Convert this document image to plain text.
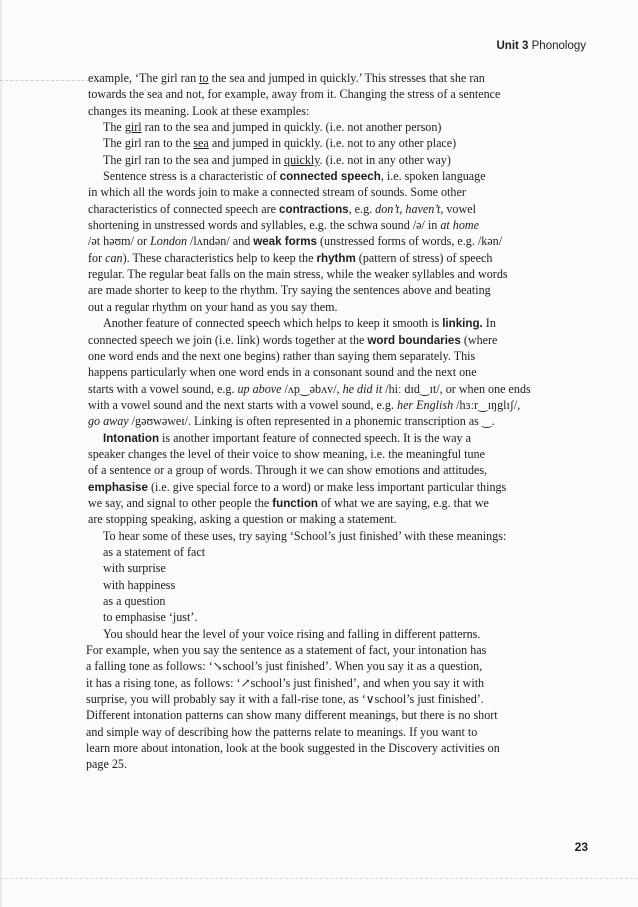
Unit 3 Phonology
example, ‘The girl ran to the sea and jumped in quickly.’ This stresses that she ran
towards the sea and not, for example, away from it. Changing the stress of a sentence
changes its meaning. Look at these examples:
The girl ran to the sea and jumped in quickly. (i.e. not another person)
The girl ran to the sea and jumped in quickly. (i.e. not to any other place)
The girl ran to the sea and jumped in quickly. (i.e. not in any other way)
Sentence stress is a characteristic of connected speech, i.e. spoken language
in which all the words join to make a connected stream of sounds. Some other
characteristics of connected speech are contractions, e.g. don’t, haven’t, vowel
shortening in unstressed words and syllables, e.g. the schwa sound /ə/ in at home
/ət həʊm/ or London /lʌndən/ and weak forms (unstressed forms of words, e.g. /kən/
for can). These characteristics help to keep the rhythm (pattern of stress) of speech
regular. The regular beat falls on the main stress, while the weaker syllables and words
are made shorter to keep to the rhythm. Try saying the sentences above and beating
out a regular rhythm on your hand as you say them.
Another feature of connected speech which helps to keep it smooth is linking. In
connected speech we join (i.e. link) words together at the word boundaries (where
one word ends and the next one begins) rather than saying them separately. This
happens particularly when one word ends in a consonant sound and the next one
starts with a vowel sound, e.g. up above /ʌp‿əbʌv/, he did it /hiː dɪd‿ɪt/, or when one ends
with a vowel sound and the next starts with a vowel sound, e.g. her English /hɜːr‿ɪŋglɪʃ/,
go away /gəʊwəweɪ/. Linking is often represented in a phonemic transcription as ‿.
Intonation is another important feature of connected speech. It is the way a
speaker changes the level of their voice to show meaning, i.e. the meaningful tune
of a sentence or a group of words. Through it we can show emotions and attitudes,
emphasise (i.e. give special force to a word) or make less important particular things
we say, and signal to other people the function of what we are saying, e.g. that we
are stopping speaking, asking a question or making a statement.
To hear some of these uses, try saying ‘School’s just finished’ with these meanings:
as a statement of fact
with surprise
with happiness
as a question
to emphasise ‘just’.
You should hear the level of your voice rising and falling in different patterns.
For example, when you say the sentence as a statement of fact, your intonation has
a falling tone as follows: ‘↘school’s just finished’. When you say it as a question,
it has a rising tone, as follows: ‘↗school’s just finished’, and when you say it with
surprise, you will probably say it with a fall-rise tone, as ‘∨school’s just finished’.
Different intonation patterns can show many different meanings, but there is no short
and simple way of describing how the patterns relate to meanings. If you want to
learn more about intonation, look at the book suggested in the Discovery activities on
page 25.
23
